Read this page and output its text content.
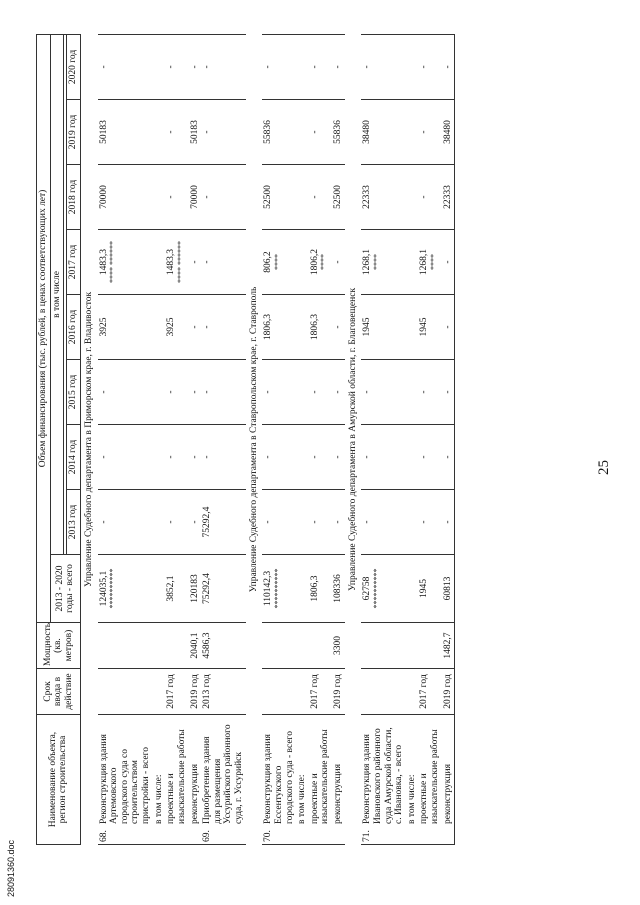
25
28091360.doc
Наименование объекта, регион строительства	Срок ввода в действие	Мощность (кв. метров)	Объем финансирования (тыс. рублей, в ценах соответствующих лет)								
			2013 - 2020 годы - всего	в том числе							

				2013 год	2014 год	2015 год	2016 год	2017 год	2018 год	2019 год	2020 год
Управление Судебного департамента в Приморском крае, г. Владивосток											
68.Реконструкция здания Артемовского городского суда со строительством пристройки - всего			124035,1 **********	-	-	-	3925	1483,3 **** ******	70000	50183	-
в том числе:			

проектные и изыскательские работы	2017 год		3852,1	-	-	-	3925	1483,3 **** ******	-	-	-
реконструкция	2019 год	2040,1	120183	-	-	-	-	-	70000	50183	-
69.Приобретение здания для размещения Уссурийского районного суда, г. Уссурийск	2013 год	4586,3	75292,4	75292,4	-	-	-	-	-	-	-
Управление Судебного департамента в Ставропольском крае, г. Ставрополь											
70.Реконструкция здания Ессентукского городского суда - всего			110142,3 **********	-	-	-	1806,3	806,2 ****	52500	55836	-
в том числе:			

проектные и изыскательские работы	2017 год		1806,3	-	-	-	1806,3	1806,2 ****	-	-	-
реконструкция	2019 год	3300	108336	-	-	-	-	-	52500	55836	-
Управление Судебного департамента в Амурской области, г. Благовещенск											
71.Реконструкция здания Ивановского районного суда Амурской области, с. Ивановка, - всего			62758 **********	-	-	-	1945	1268,1 ****	22333	38480	-
в том числе:			

проектные и изыскательские работы	2017 год		1945	-	-	-	1945	1268,1 ****	-	-	-
реконструкция	2019 год	1482,7	60813	-	-	-	-	-	22333	38480	-
